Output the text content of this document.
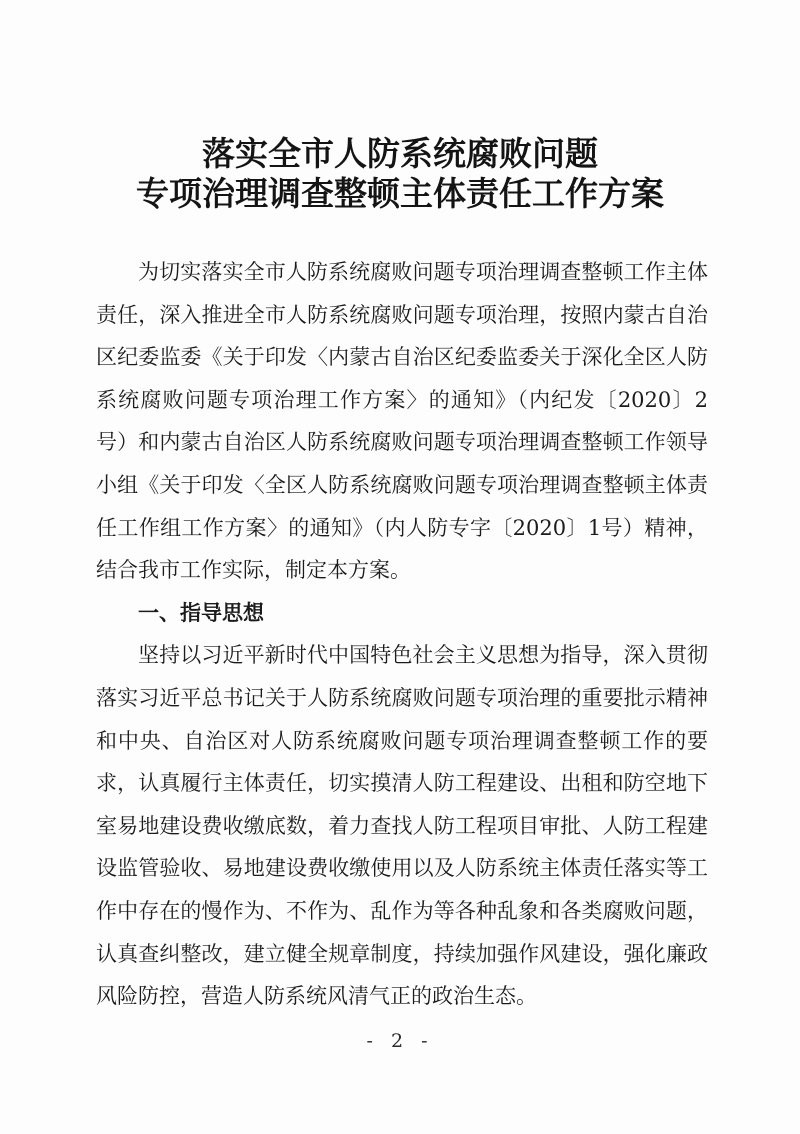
落实全市人防系统腐败问题
专项治理调查整顿主体责任工作方案

为切实落实全市人防系统腐败问题专项治理调查整顿工作主体责任，深入推进全市人防系统腐败问题专项治理，按照内蒙古自治区纪委监委《关于印发〈内蒙古自治区纪委监委关于深化全区人防系统腐败问题专项治理工作方案〉的通知》（内纪发〔2020〕2号）和内蒙古自治区人防系统腐败问题专项治理调查整顿工作领导小组《关于印发〈全区人防系统腐败问题专项治理调查整顿主体责任工作组工作方案〉的通知》（内人防专字〔2020〕1号）精神，结合我市工作实际，制定本方案。

一、指导思想

坚持以习近平新时代中国特色社会主义思想为指导，深入贯彻落实习近平总书记关于人防系统腐败问题专项治理的重要批示精神和中央、自治区对人防系统腐败问题专项治理调查整顿工作的要求，认真履行主体责任，切实摸清人防工程建设、出租和防空地下室易地建设费收缴底数，着力查找人防工程项目审批、人防工程建设监管验收、易地建设费收缴使用以及人防系统主体责任落实等工作中存在的慢作为、不作为、乱作为等各种乱象和各类腐败问题，认真查纠整改，建立健全规章制度，持续加强作风建设，强化廉政风险防控，营造人防系统风清气正的政治生态。

- 2 -
